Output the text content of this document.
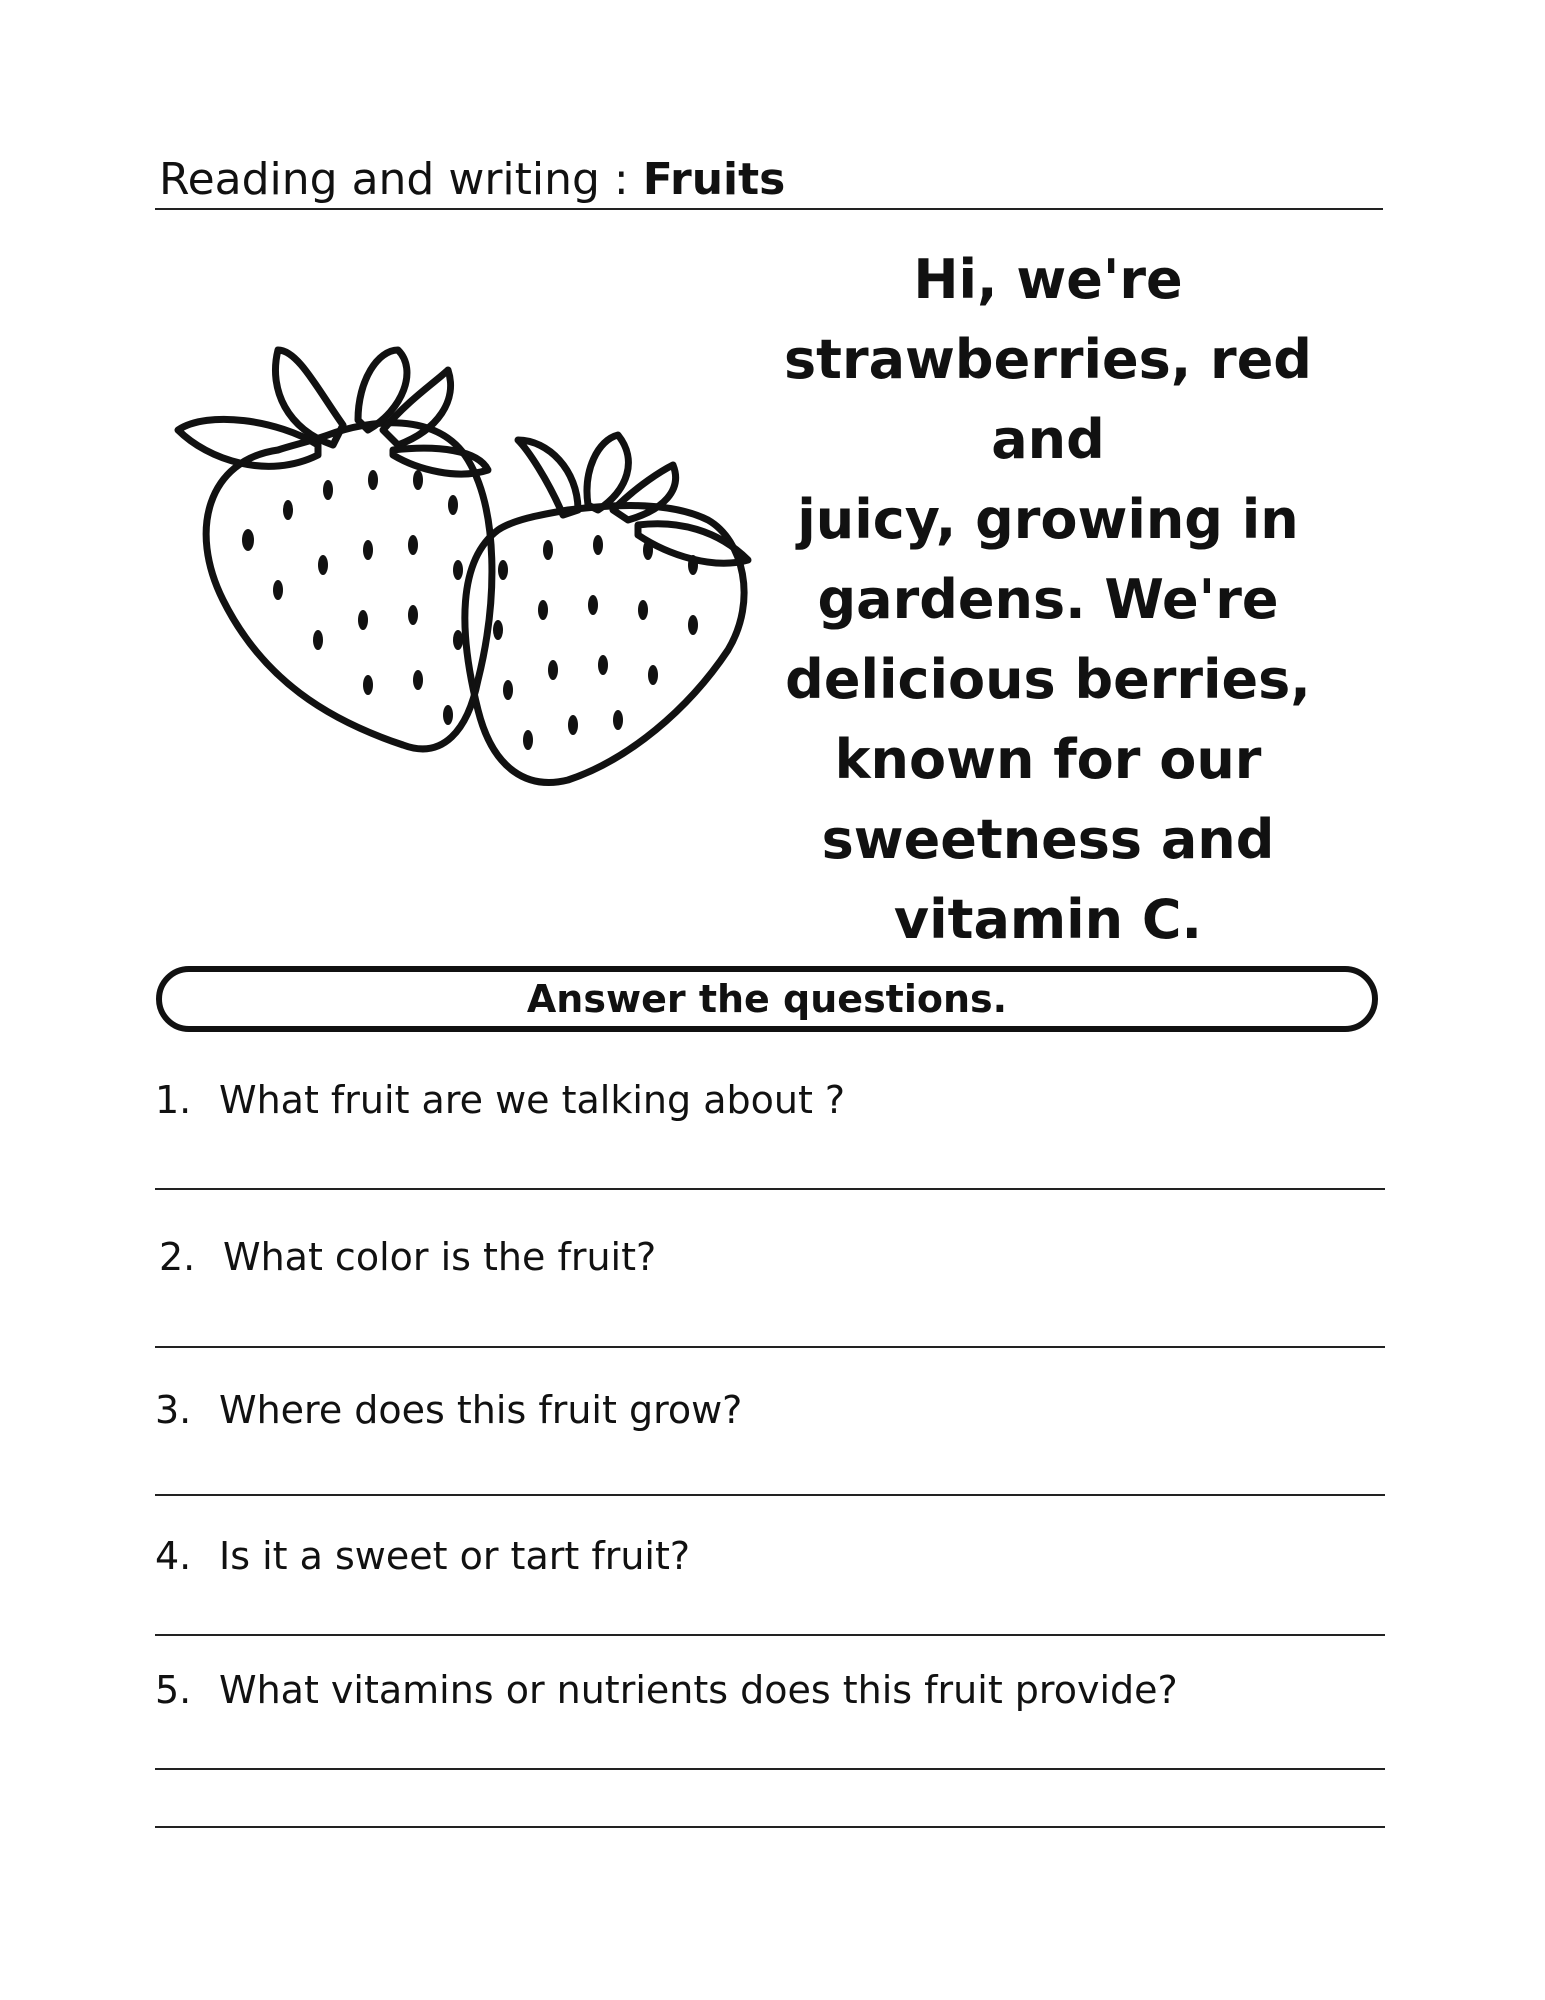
Reading and writing : Fruits
Hi, we're
strawberries, red and
juicy, growing in
gardens. We're
delicious berries,
known for our
sweetness and
vitamin C.
Answer the questions.
1. What fruit are we talking about ?
2. What color is the fruit?
3. Where does this fruit grow?
4. Is it a sweet or tart fruit?
5. What vitamins or nutrients does this fruit provide?
